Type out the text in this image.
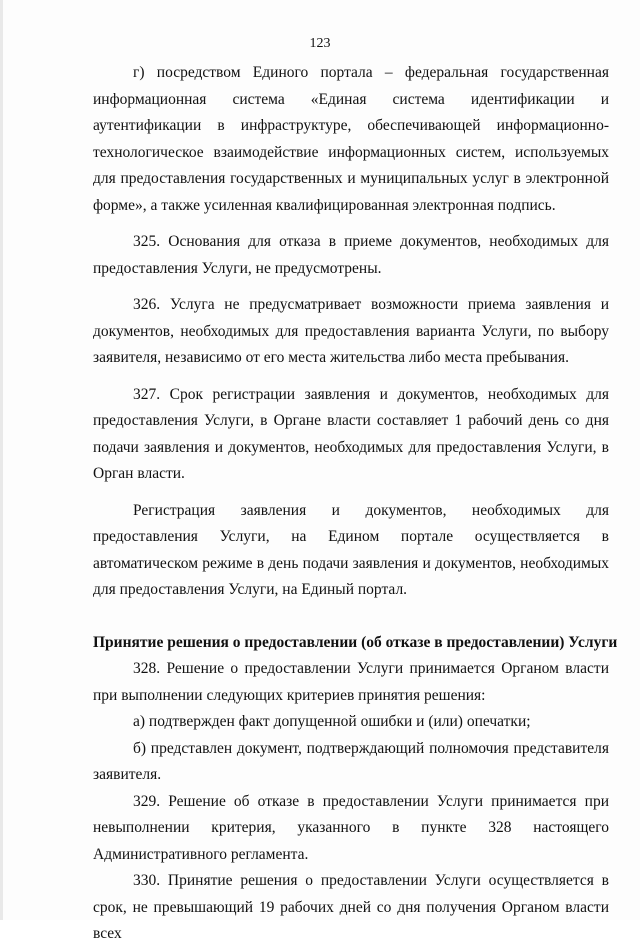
123

г) посредством Единого портала – федеральная государственная информационная система «Единая система идентификации и аутентификации в инфраструктуре, обеспечивающей информационно-технологическое взаимодействие информационных систем, используемых для предоставления государственных и муниципальных услуг в электронной форме», а также усиленная квалифицированная электронная подпись.

325. Основания для отказа в приеме документов, необходимых для предоставления Услуги, не предусмотрены.

326. Услуга не предусматривает возможности приема заявления и документов, необходимых для предоставления варианта Услуги, по выбору заявителя, независимо от его места жительства либо места пребывания.

327. Срок регистрации заявления и документов, необходимых для предоставления Услуги, в Органе власти составляет 1 рабочий день со дня подачи заявления и документов, необходимых для предоставления Услуги, в Орган власти.

Регистрация заявления и документов, необходимых для предоставления Услуги, на Едином портале осуществляется в автоматическом режиме в день подачи заявления и документов, необходимых для предоставления Услуги, на Единый портал.

Принятие решения о предоставлении (об отказе в предоставлении) Услуги

328. Решение о предоставлении Услуги принимается Органом власти при выполнении следующих критериев принятия решения:

а) подтвержден факт допущенной ошибки и (или) опечатки;

б) представлен документ, подтверждающий полномочия представителя заявителя.

329. Решение об отказе в предоставлении Услуги принимается при невыполнении критерия, указанного в пункте 328 настоящего Административного регламента.

330. Принятие решения о предоставлении Услуги осуществляется в срок, не превышающий 19 рабочих дней со дня получения Органом власти всех
